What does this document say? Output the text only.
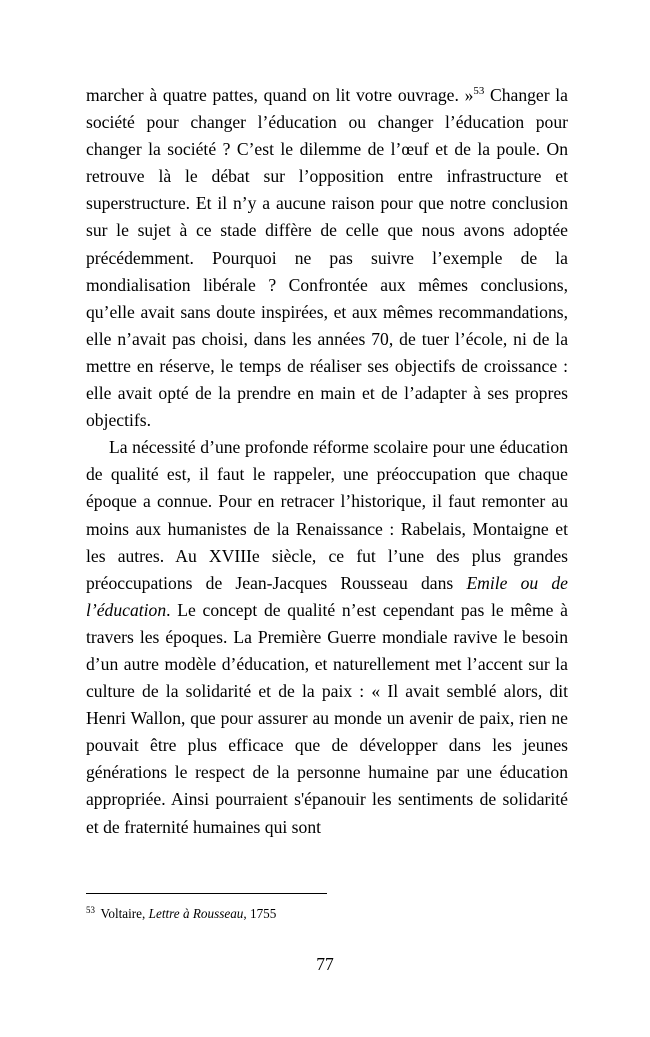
marcher à quatre pattes, quand on lit votre ouvrage. »$^{53}$ Changer la société pour changer l’éducation ou changer l’éducation pour changer la société ? C’est le dilemme de l’œuf et de la poule. On retrouve là le débat sur l’opposition entre infrastructure et superstructure. Et il n’y a aucune raison pour que notre conclusion sur le sujet à ce stade diffère de celle que nous avons adoptée précédemment. Pourquoi ne pas suivre l’exemple de la mondialisation libérale ? Confrontée aux mêmes conclusions, qu’elle avait sans doute inspirées, et aux mêmes recommandations, elle n’avait pas choisi, dans les années 70, de tuer l’école, ni de la mettre en réserve, le temps de réaliser ses objectifs de croissance : elle avait opté de la prendre en main et de l’adapter à ses propres objectifs.

La nécessité d’une profonde réforme scolaire pour une éducation de qualité est, il faut le rappeler, une préoccupation que chaque époque a connue. Pour en retracer l’historique, il faut remonter au moins aux humanistes de la Renaissance : Rabelais, Montaigne et les autres. Au XVIIIe siècle, ce fut l’une des plus grandes préoccupations de Jean-Jacques Rousseau dans Emile ou de l’éducation. Le concept de qualité n’est cependant pas le même à travers les époques. La Première Guerre mondiale ravive le besoin d’un autre modèle d’éducation, et naturellement met l’accent sur la culture de la solidarité et de la paix : « Il avait semblé alors, dit Henri Wallon, que pour assurer au monde un avenir de paix, rien ne pouvait être plus efficace que de développer dans les jeunes générations le respect de la personne humaine par une éducation appropriée. Ainsi pourraient s'épanouir les sentiments de solidarité et de fraternité humaines qui sont

$^{53}$ Voltaire, Lettre à Rousseau, 1755

77
